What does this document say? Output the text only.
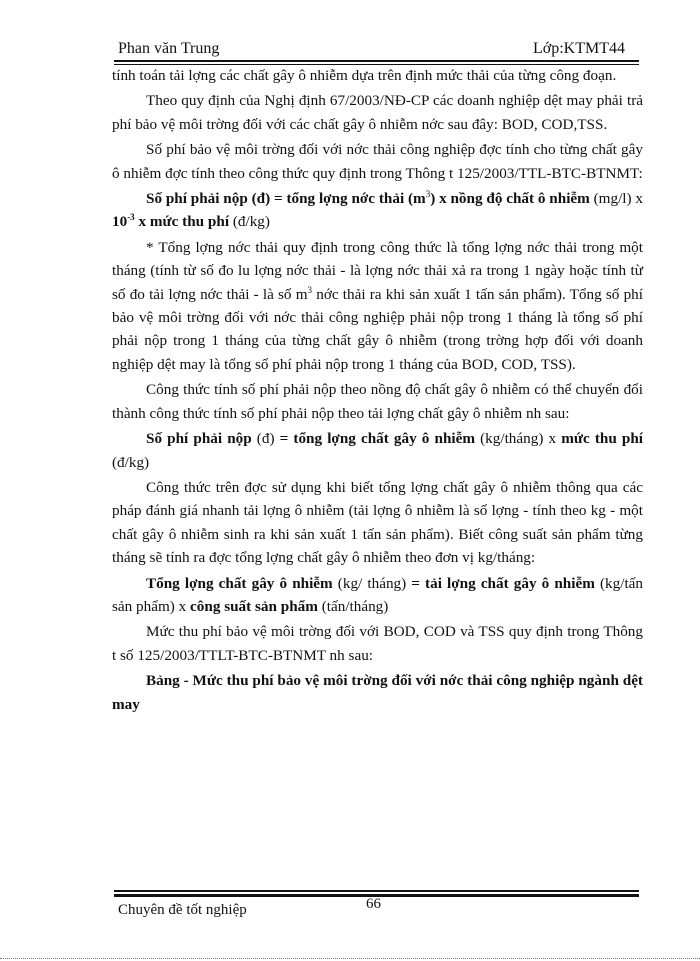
Phan văn Trung	Lớp:KTMT44

tính toán tải lợng các chất gây ô nhiễm dựa trên định mức thải của từng công đoạn.

Theo quy định của Nghị định 67/2003/NĐ-CP các doanh nghiệp dệt may phải trả phí bảo vệ môi trờng đối với các chất gây ô nhiễm nớc sau đây: BOD, COD,TSS.

Số phí bảo vệ môi trờng đối với nớc thải công nghiệp đợc tính cho từng chất gây ô nhiễm đợc tính theo công thức quy định trong Thông t 125/2003/TTL-BTC-BTNMT:

Số phí phải nộp (đ) = tổng lợng nớc thải $(m^3)$ x nồng độ chất ô nhiễm (mg/l) x $10^{-3}$ x mức thu phí (đ/kg)

* Tổng lợng nớc thải quy định trong công thức là tổng lợng nớc thải trong một tháng (tính từ số đo lu lợng nớc thải - là lợng nớc thải xả ra trong 1 ngày hoặc tính từ số đo tải lợng nớc thải - là số $m^3$ nớc thải ra khi sản xuất 1 tấn sản phẩm). Tổng số phí bảo vệ môi trờng đối với nớc thải công nghiệp phải nộp trong 1 tháng là tổng số phí phải nộp trong 1 tháng của từng chất gây ô nhiễm (trong trờng hợp đối với doanh nghiệp dệt may là tổng số phí phải nộp trong 1 tháng của BOD, COD, TSS).

Công thức tính số phí phải nộp theo nồng độ chất gây ô nhiễm có thể chuyển đổi thành công thức tính số phí phải nộp theo tải lợng chất gây ô nhiễm nh sau:

Số phí phải nộp (đ) = tổng lợng chất gây ô nhiễm (kg/tháng) x mức thu phí (đ/kg)

Công thức trên đợc sử dụng khi biết tổng lợng chất gây ô nhiễm thông qua các pháp đánh giá nhanh tải lợng ô nhiễm (tải lợng ô nhiễm là số lợng - tính theo kg - một chất gây ô nhiễm sinh ra khi sản xuất 1 tấn sản phẩm). Biết công suất sản phẩm từng tháng sẽ tính ra đợc tổng lợng chất gây ô nhiễm theo đơn vị kg/tháng:

Tổng lợng chất gây ô nhiễm (kg/ tháng) = tải lợng chất gây ô nhiễm (kg/tấn sản phẩm) x công suất sản phẩm (tấn/tháng)

Mức thu phí bảo vệ môi trờng đối với BOD, COD và TSS quy định trong Thông t số 125/2003/TTLT-BTC-BTNMT nh sau:

Bảng - Mức thu phí bảo vệ môi trờng đối với nớc thải công nghiệp ngành dệt may

Chuyên đề tốt nghiệp	66
